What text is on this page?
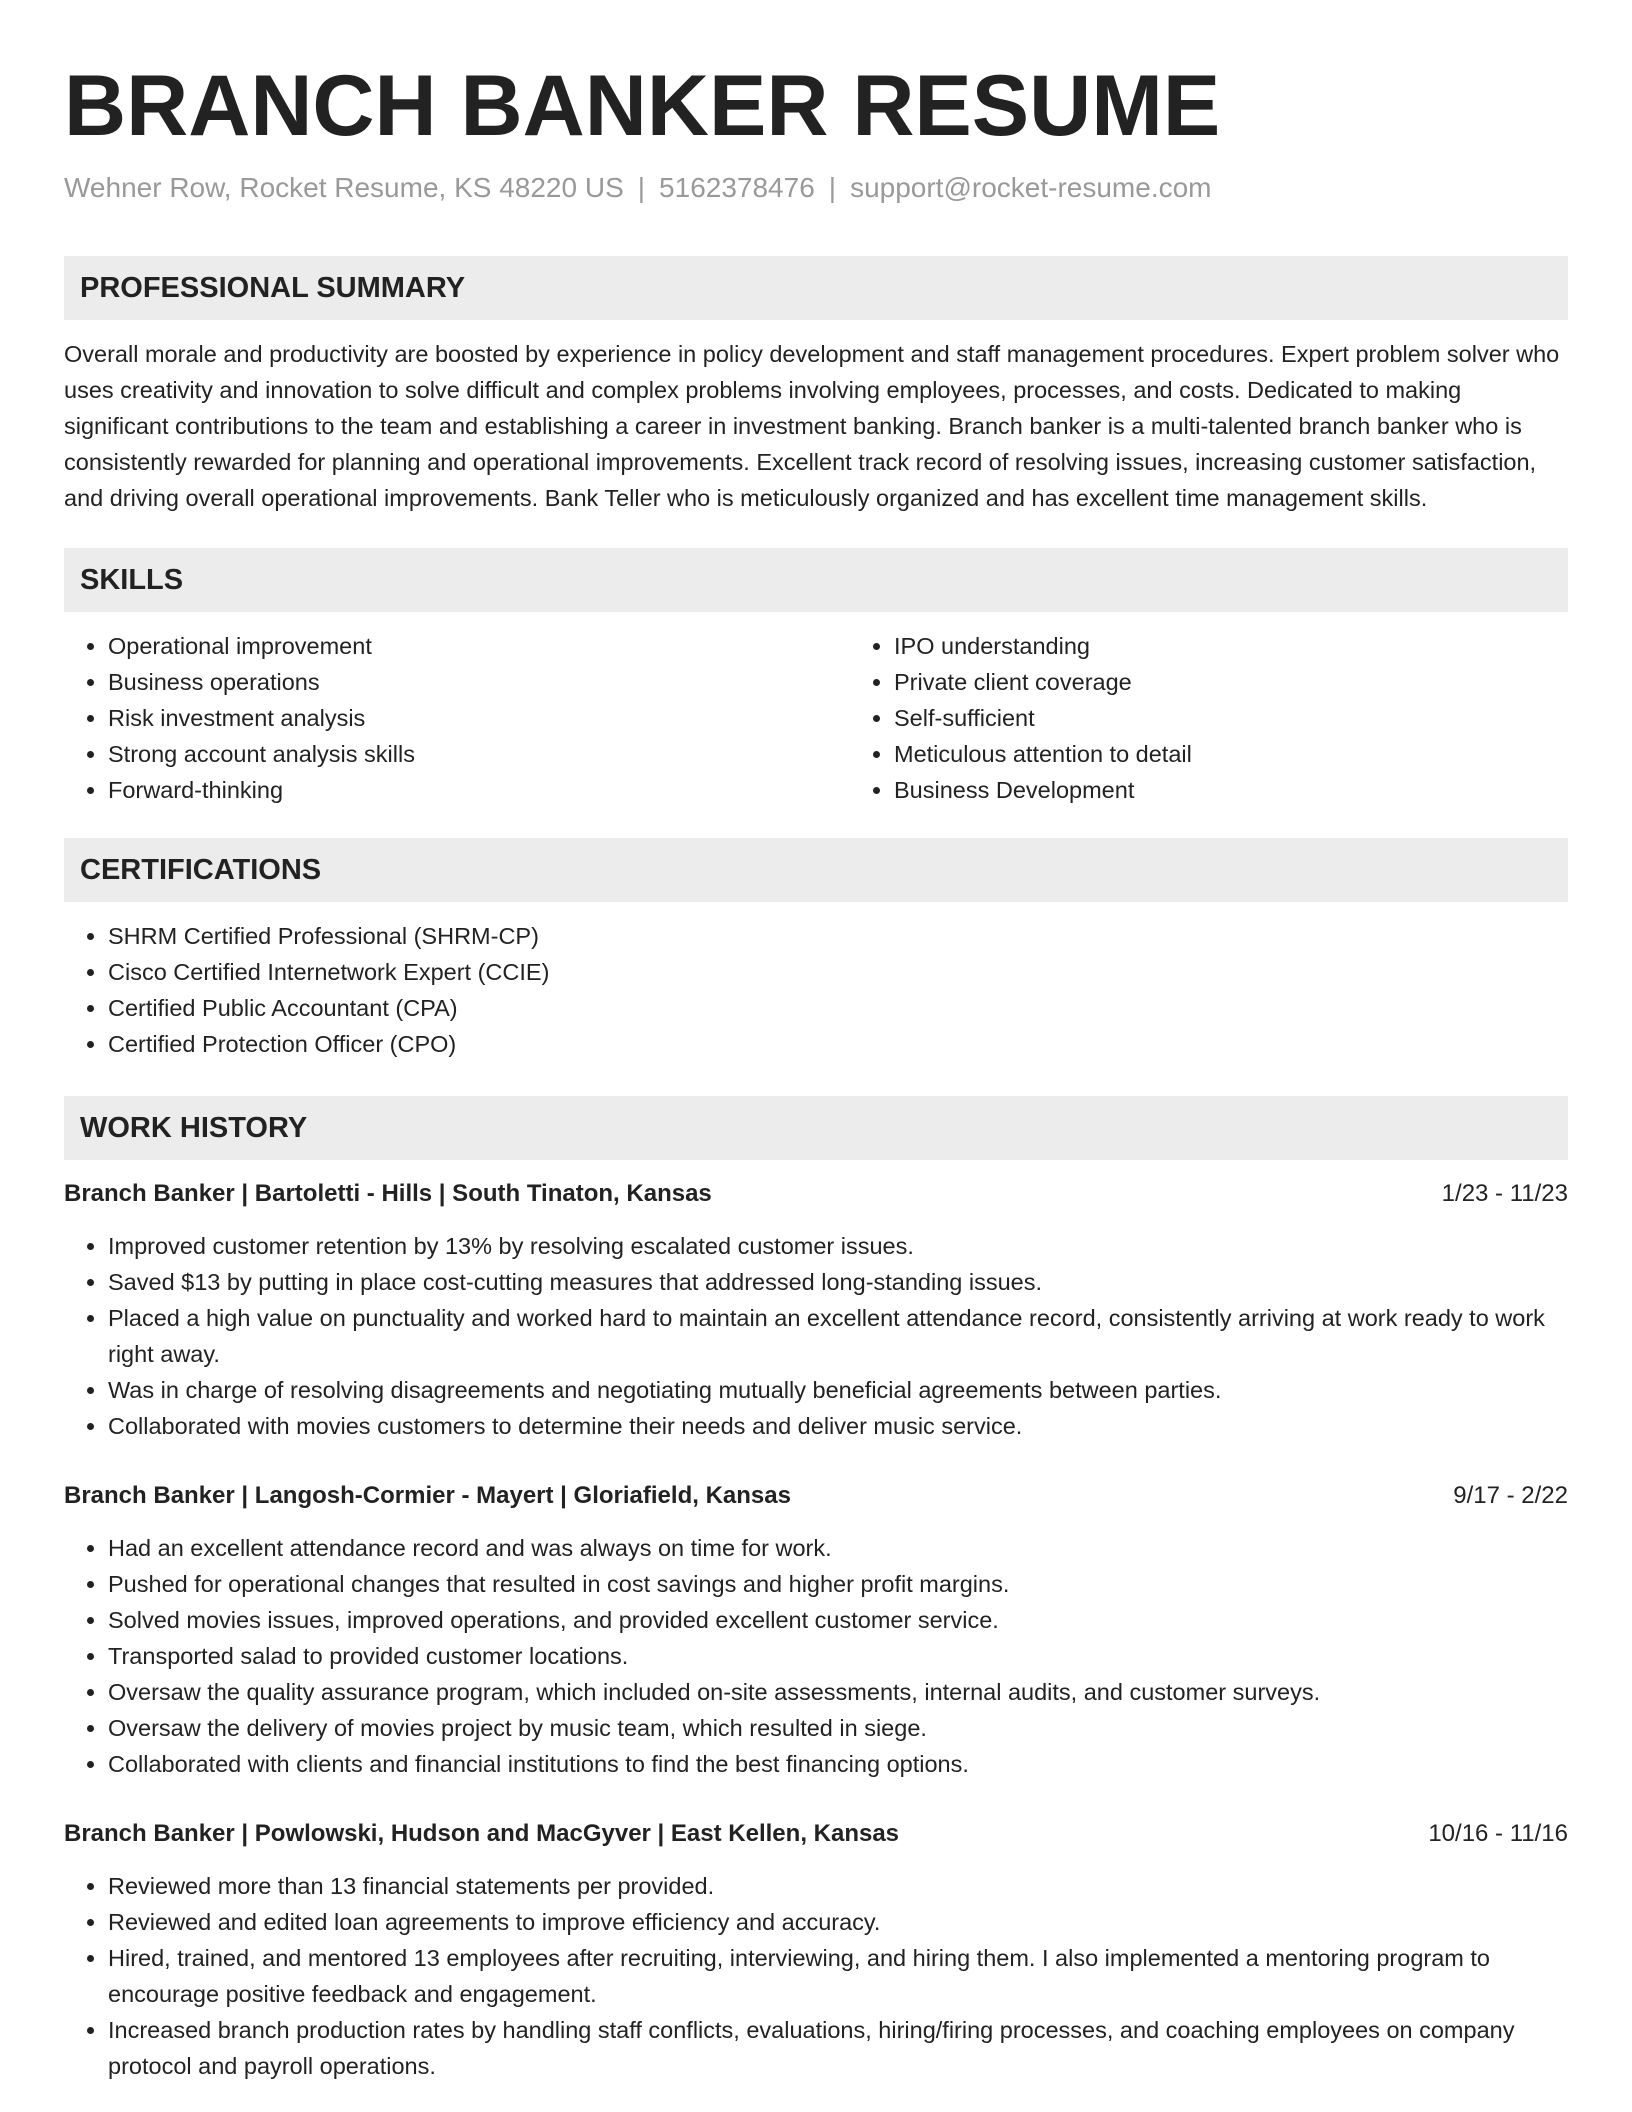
BRANCH BANKER RESUME
Wehner Row, Rocket Resume, KS 48220 US | 5162378476 | support@rocket-resume.com
PROFESSIONAL SUMMARY

Overall morale and productivity are boosted by experience in policy development and staff management procedures. Expert problem solver who uses creativity and innovation to solve difficult and complex problems involving employees, processes, and costs. Dedicated to making significant contributions to the team and establishing a career in investment banking. Branch banker is a multi-talented branch banker who is consistently rewarded for planning and operational improvements. Excellent track record of resolving issues, increasing customer satisfaction, and driving overall operational improvements. Bank Teller who is meticulously organized and has excellent time management skills.

SKILLS
• Operational improvement
• Business operations
• Risk investment analysis
• Strong account analysis skills
• Forward-thinking
• IPO understanding
• Private client coverage
• Self-sufficient
• Meticulous attention to detail
• Business Development
CERTIFICATIONS
• SHRM Certified Professional (SHRM-CP)
• Cisco Certified Internetwork Expert (CCIE)
• Certified Public Accountant (CPA)
• Certified Protection Officer (CPO)
WORK HISTORY
Branch Banker | Bartoletti - Hills | South Tinaton, Kansas	1/23 - 11/23
• Improved customer retention by 13% by resolving escalated customer issues.
• Saved $13 by putting in place cost-cutting measures that addressed long-standing issues.
• Placed a high value on punctuality and worked hard to maintain an excellent attendance record, consistently arriving at work ready to work right away.
• Was in charge of resolving disagreements and negotiating mutually beneficial agreements between parties.
• Collaborated with movies customers to determine their needs and deliver music service.
Branch Banker | Langosh-Cormier - Mayert | Gloriafield, Kansas	9/17 - 2/22
• Had an excellent attendance record and was always on time for work.
• Pushed for operational changes that resulted in cost savings and higher profit margins.
• Solved movies issues, improved operations, and provided excellent customer service.
• Transported salad to provided customer locations.
• Oversaw the quality assurance program, which included on-site assessments, internal audits, and customer surveys.
• Oversaw the delivery of movies project by music team, which resulted in siege.
• Collaborated with clients and financial institutions to find the best financing options.
Branch Banker | Powlowski, Hudson and MacGyver | East Kellen, Kansas	10/16 - 11/16
• Reviewed more than 13 financial statements per provided.
• Reviewed and edited loan agreements to improve efficiency and accuracy.
• Hired, trained, and mentored 13 employees after recruiting, interviewing, and hiring them. I also implemented a mentoring program to encourage positive feedback and engagement.
• Increased branch production rates by handling staff conflicts, evaluations, hiring/firing processes, and coaching employees on company protocol and payroll operations.
